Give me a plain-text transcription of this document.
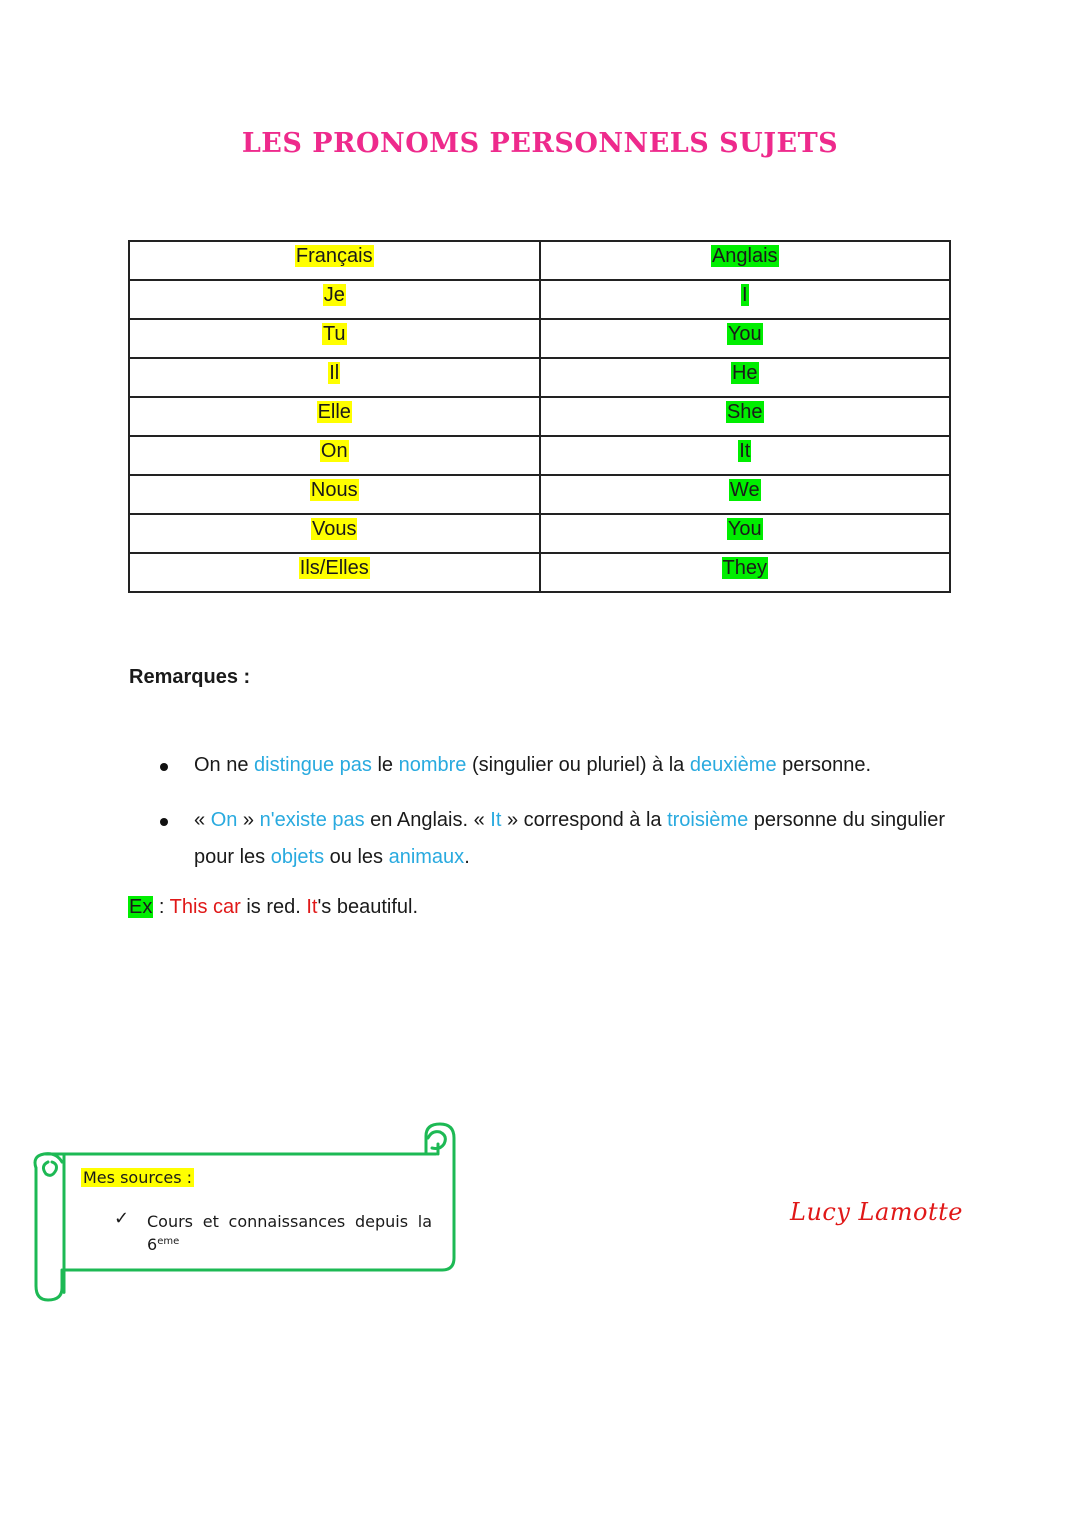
LES PRONOMS PERSONNELS SUJETS
Français	Anglais
Je	I
Tu	You
Il	He
Elle	She
On	It
Nous	We
Vous	You
Ils/Elles	They
Remarques :
On ne distingue pas le nombre (singulier ou pluriel) à la deuxième personne.
« On » n'existe pas en Anglais. « It » correspond à la troisième personne du singulier pour les objets ou les animaux.
Ex : This car is red. It's beautiful.
Mes sources :
✓ Cours et connaissances depuis la
6eme
Lucy Lamotte
